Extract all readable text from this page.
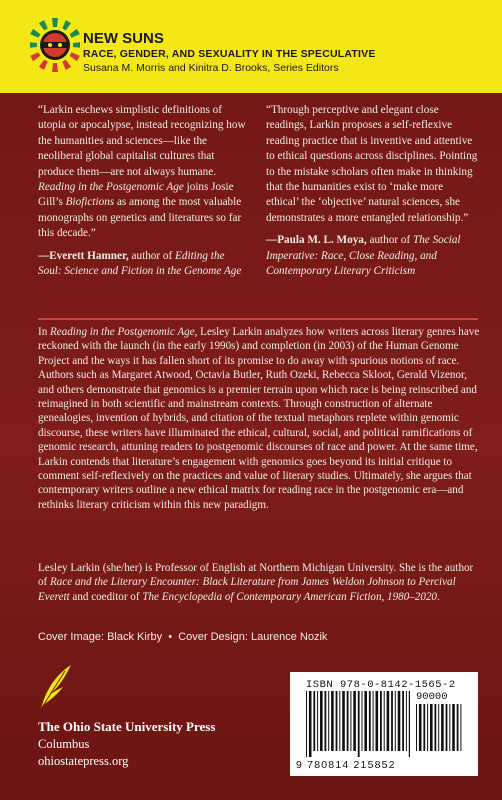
NEW SUNS
RACE, GENDER, AND SEXUALITY IN THE SPECULATIVE
Susana M. Morris and Kinitra D. Brooks, Series Editors

“Larkin eschews simplistic definitions of utopia or apocalypse, instead recognizing how the humanities and sciences—like the neoliberal global capitalist cultures that produce them—are not always humane. Reading in the Postgenomic Age joins Josie Gill’s Biofictions as among the most valuable monographs on genetics and literatures so far this decade.”

—Everett Hamner, author of Editing the Soul: Science and Fiction in the Genome Age

“Through perceptive and elegant close readings, Larkin proposes a self-reflexive reading practice that is inventive and attentive to ethical questions across disciplines. Pointing to the mistake scholars often make in thinking that the humanities exist to ‘make more ethical’ the ‘objective’ natural sciences, she demonstrates a more entangled relationship.”

—Paula M. L. Moya, author of The Social Imperative: Race, Close Reading, and Contemporary Literary Criticism

In Reading in the Postgenomic Age, Lesley Larkin analyzes how writers across literary genres have reckoned with the launch (in the early 1990s) and completion (in 2003) of the Human Genome Project and the ways it has fallen short of its promise to do away with spurious notions of race. Authors such as Margaret Atwood, Octavia Butler, Ruth Ozeki, Rebecca Skloot, Gerald Vizenor, and others demonstrate that genomics is a premier terrain upon which race is being reinscribed and reimagined in both scientific and mainstream contexts. Through construction of alternate genealogies, invention of hybrids, and citation of the textual metaphors replete within genomic discourse, these writers have illuminated the ethical, cultural, social, and political ramifications of genomic research, attuning readers to postgenomic discourses of race and power. At the same time, Larkin contends that literature’s engagement with genomics goes beyond its initial critique to comment self-reflexively on the practices and value of literary studies. Ultimately, she argues that contemporary writers outline a new ethical matrix for reading race in the postgenomic era—and rethinks literary criticism within this new paradigm.
Lesley Larkin (she/her) is Professor of English at Northern Michigan University. She is the author of Race and the Literary Encounter: Black Literature from James Weldon Johnson to Percival Everett and coeditor of The Encyclopedia of Contemporary American Fiction, 1980–2020.
Cover Image: Black Kirby • Cover Design: Laurence Nozik
The Ohio State University Press
Columbus
ohiostatepress.org
ISBN 978-0-8142-1565-2
90000
9 780814 215852
